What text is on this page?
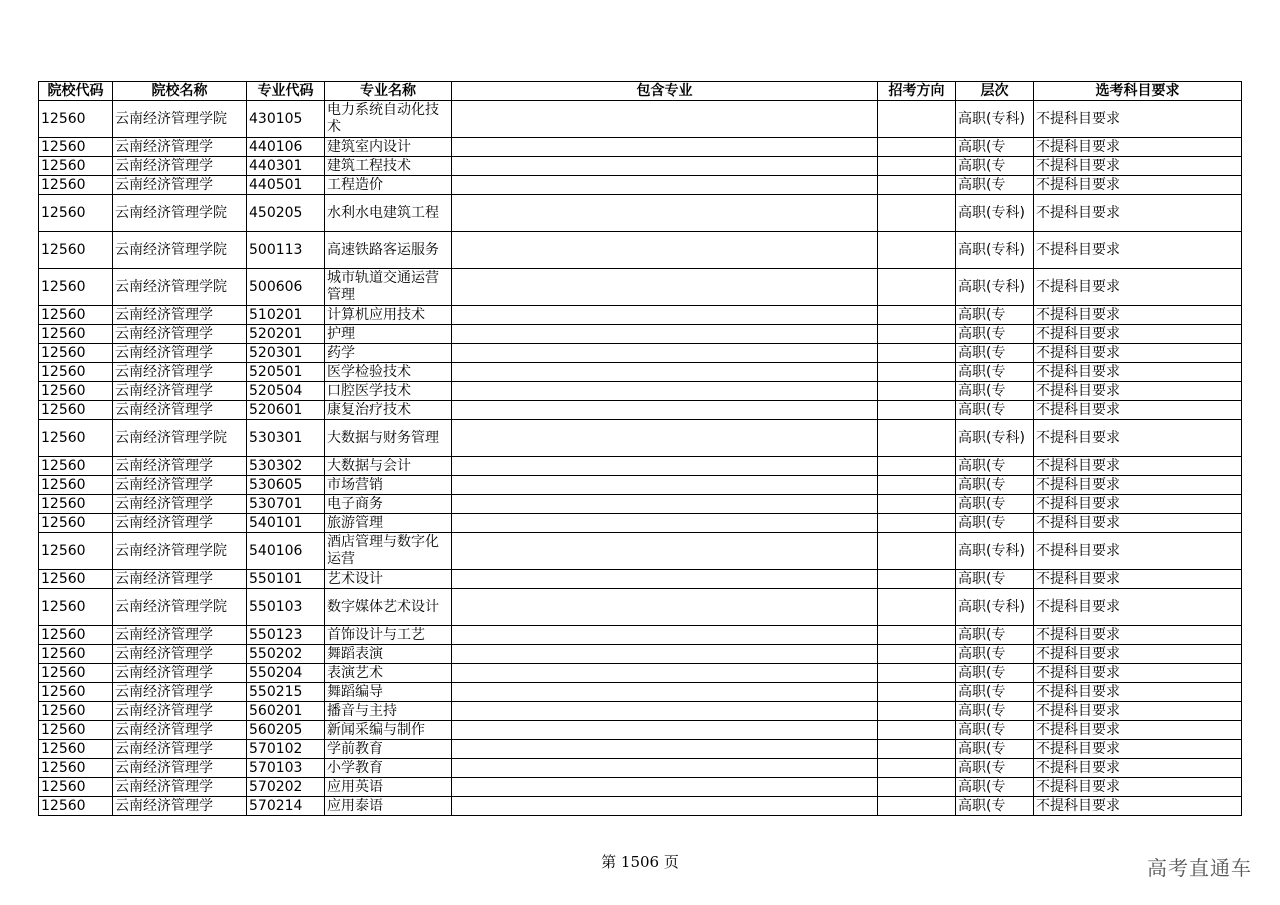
院校代码	院校名称	专业代码	专业名称	包含专业	招考方向	层次	选考科目要求
12560	云南经济管理学院	430105	电力系统自动化技术			高职(专科)	不提科目要求
12560	云南经济管理学	440106	建筑室内设计			高职(专	不提科目要求
12560	云南经济管理学	440301	建筑工程技术			高职(专	不提科目要求
12560	云南经济管理学	440501	工程造价			高职(专	不提科目要求
12560	云南经济管理学院	450205	水利水电建筑工程			高职(专科)	不提科目要求
12560	云南经济管理学院	500113	高速铁路客运服务			高职(专科)	不提科目要求
12560	云南经济管理学院	500606	城市轨道交通运营管理			高职(专科)	不提科目要求
12560	云南经济管理学	510201	计算机应用技术			高职(专	不提科目要求
12560	云南经济管理学	520201	护理			高职(专	不提科目要求
12560	云南经济管理学	520301	药学			高职(专	不提科目要求
12560	云南经济管理学	520501	医学检验技术			高职(专	不提科目要求
12560	云南经济管理学	520504	口腔医学技术			高职(专	不提科目要求
12560	云南经济管理学	520601	康复治疗技术			高职(专	不提科目要求
12560	云南经济管理学院	530301	大数据与财务管理			高职(专科)	不提科目要求
12560	云南经济管理学	530302	大数据与会计			高职(专	不提科目要求
12560	云南经济管理学	530605	市场营销			高职(专	不提科目要求
12560	云南经济管理学	530701	电子商务			高职(专	不提科目要求
12560	云南经济管理学	540101	旅游管理			高职(专	不提科目要求
12560	云南经济管理学院	540106	酒店管理与数字化运营			高职(专科)	不提科目要求
12560	云南经济管理学	550101	艺术设计			高职(专	不提科目要求
12560	云南经济管理学院	550103	数字媒体艺术设计			高职(专科)	不提科目要求
12560	云南经济管理学	550123	首饰设计与工艺			高职(专	不提科目要求
12560	云南经济管理学	550202	舞蹈表演			高职(专	不提科目要求
12560	云南经济管理学	550204	表演艺术			高职(专	不提科目要求
12560	云南经济管理学	550215	舞蹈编导			高职(专	不提科目要求
12560	云南经济管理学	560201	播音与主持			高职(专	不提科目要求
12560	云南经济管理学	560205	新闻采编与制作			高职(专	不提科目要求
12560	云南经济管理学	570102	学前教育			高职(专	不提科目要求
12560	云南经济管理学	570103	小学教育			高职(专	不提科目要求
12560	云南经济管理学	570202	应用英语			高职(专	不提科目要求
12560	云南经济管理学	570214	应用泰语			高职(专	不提科目要求
第 1506 页	高考直通车
